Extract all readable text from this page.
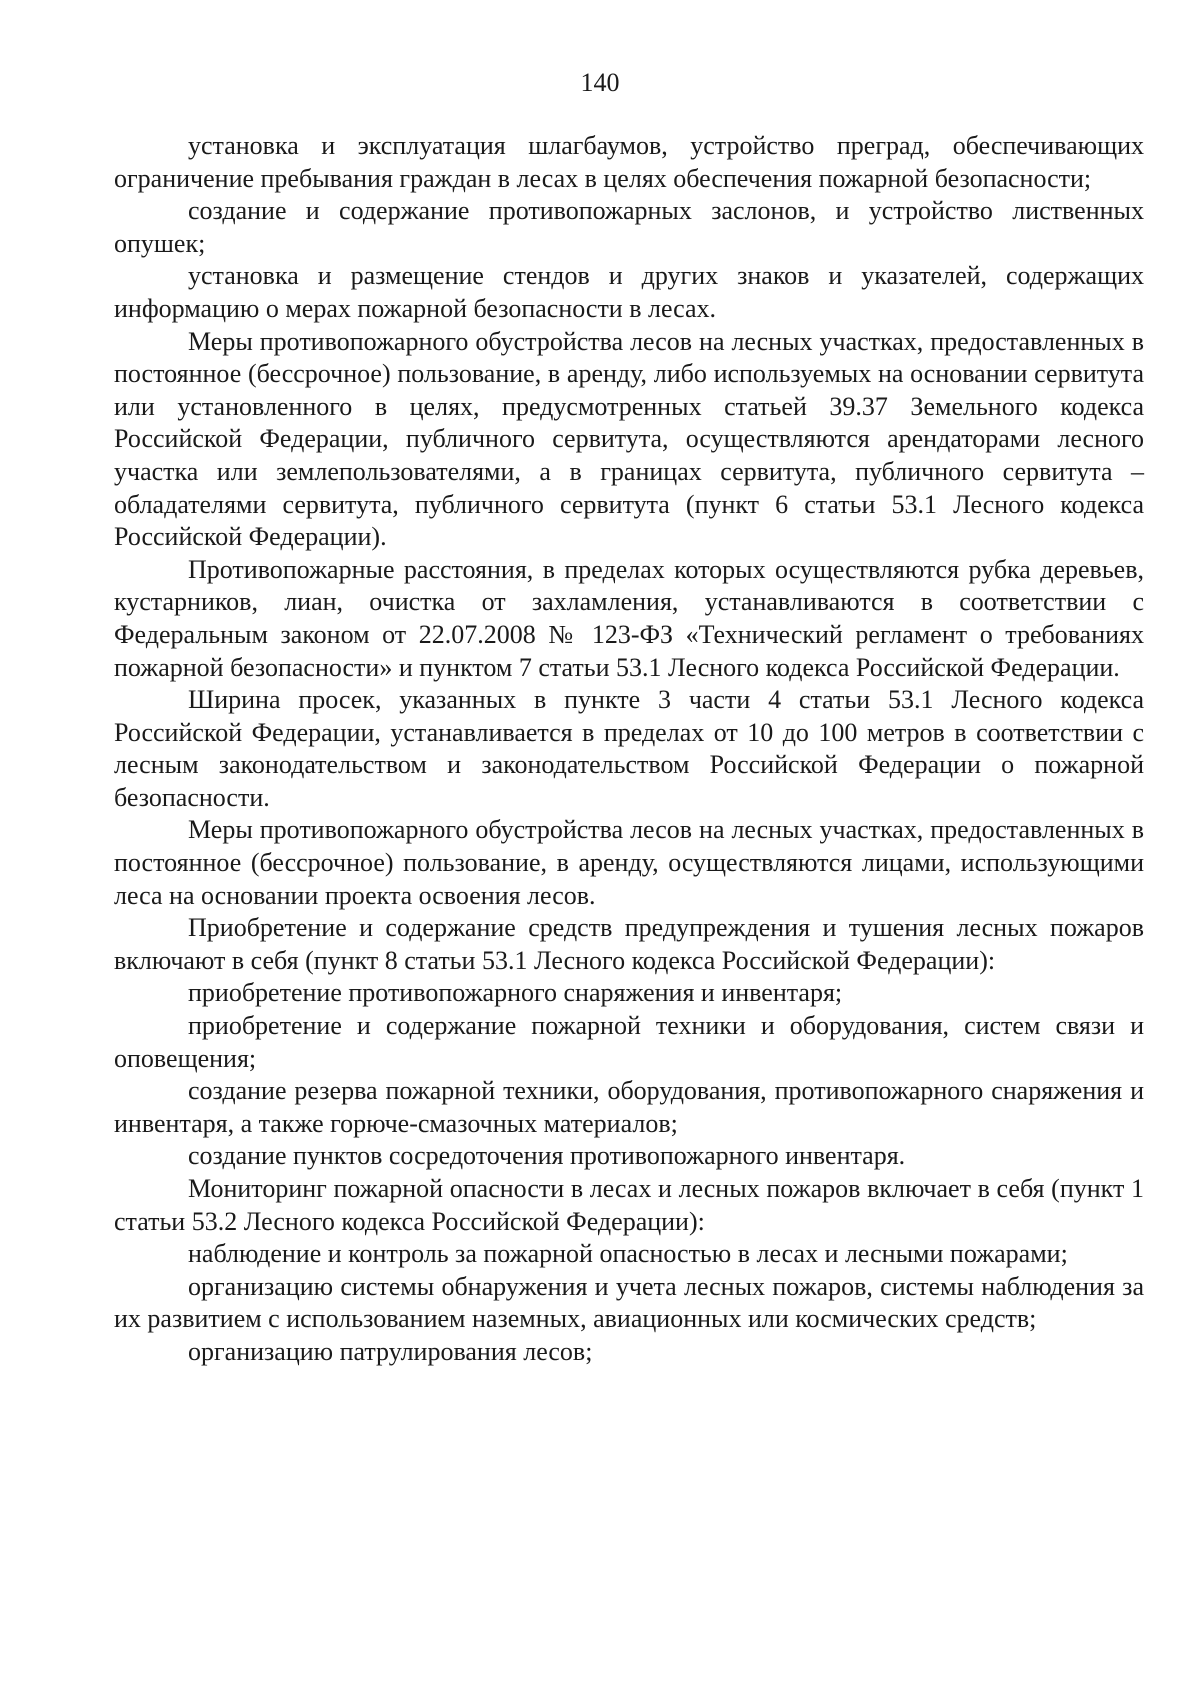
140

установка и эксплуатация шлагбаумов, устройство преград, обеспечивающих ограничение пребывания граждан в лесах в целях обеспечения пожарной безопасности;

создание и содержание противопожарных заслонов, и устройство лиственных опушек;

установка и размещение стендов и других знаков и указателей, содержащих информацию о мерах пожарной безопасности в лесах.

Меры противопожарного обустройства лесов на лесных участках, предоставленных в постоянное (бессрочное) пользование, в аренду, либо используемых на основании сервитута или установленного в целях, предусмотренных статьей 39.37 Земельного кодекса Российской Федерации, публичного сервитута, осуществляются арендаторами лесного участка или землепользователями, а в границах сервитута, публичного сервитута – обладателями сервитута, публичного сервитута (пункт 6 статьи 53.1 Лесного кодекса Российской Федерации).

Противопожарные расстояния, в пределах которых осуществляются рубка деревьев, кустарников, лиан, очистка от захламления, устанавливаются в соответствии с Федеральным законом от 22.07.2008 № 123-ФЗ «Технический регламент о требованиях пожарной безопасности» и пунктом 7 статьи 53.1 Лесного кодекса Российской Федерации.

Ширина просек, указанных в пункте 3 части 4 статьи 53.1 Лесного кодекса Российской Федерации, устанавливается в пределах от 10 до 100 метров в соответствии с лесным законодательством и законодательством Российской Федерации о пожарной безопасности.

Меры противопожарного обустройства лесов на лесных участках, предоставленных в постоянное (бессрочное) пользование, в аренду, осуществляются лицами, использующими леса на основании проекта освоения лесов.

Приобретение и содержание средств предупреждения и тушения лесных пожаров включают в себя (пункт 8 статьи 53.1 Лесного кодекса Российской Федерации):

приобретение противопожарного снаряжения и инвентаря;

приобретение и содержание пожарной техники и оборудования, систем связи и оповещения;

создание резерва пожарной техники, оборудования, противопожарного снаряжения и инвентаря, а также горюче-смазочных материалов;

создание пунктов сосредоточения противопожарного инвентаря.

Мониторинг пожарной опасности в лесах и лесных пожаров включает в себя (пункт 1 статьи 53.2 Лесного кодекса Российской Федерации):

наблюдение и контроль за пожарной опасностью в лесах и лесными пожарами;

организацию системы обнаружения и учета лесных пожаров, системы наблюдения за их развитием с использованием наземных, авиационных или космических средств;

организацию патрулирования лесов;
